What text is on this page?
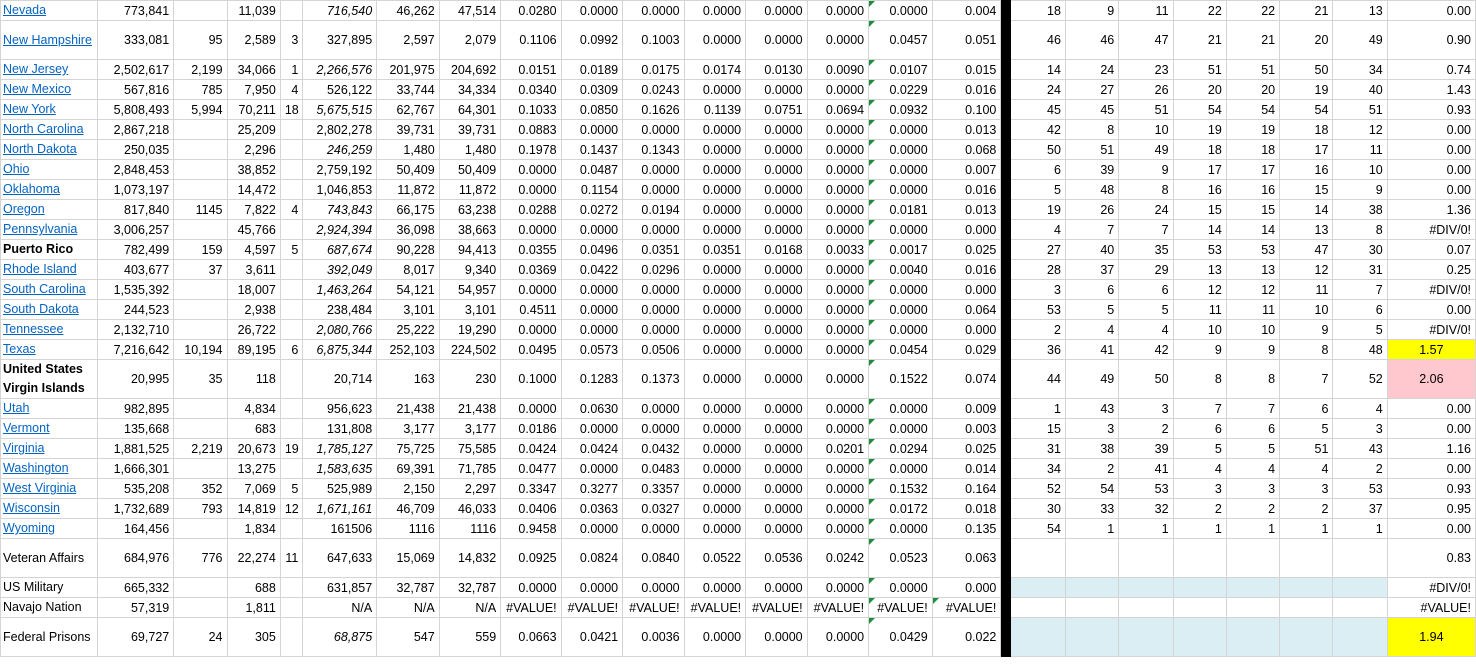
Nevada	773,841		11,039		716,540	46,262	47,514	0.0280	0.0000	0.0000	0.0000	0.0000	0.0000	0.0000	0.004		18	9	11	22	22	21	13	0.00
New Hampshire	333,081	95	2,589	3	327,895	2,597	2,079	0.1106	0.0992	0.1003	0.0000	0.0000	0.0000	0.0457	0.051		46	46	47	21	21	20	49	0.90
New Jersey	2,502,617	2,199	34,066	1	2,266,576	201,975	204,692	0.0151	0.0189	0.0175	0.0174	0.0130	0.0090	0.0107	0.015		14	24	23	51	51	50	34	0.74
New Mexico	567,816	785	7,950	4	526,122	33,744	34,334	0.0340	0.0309	0.0243	0.0000	0.0000	0.0000	0.0229	0.016		24	27	26	20	20	19	40	1.43
New York	5,808,493	5,994	70,211	18	5,675,515	62,767	64,301	0.1033	0.0850	0.1626	0.1139	0.0751	0.0694	0.0932	0.100		45	45	51	54	54	54	51	0.93
North Carolina	2,867,218		25,209		2,802,278	39,731	39,731	0.0883	0.0000	0.0000	0.0000	0.0000	0.0000	0.0000	0.013		42	8	10	19	19	18	12	0.00
North Dakota	250,035		2,296		246,259	1,480	1,480	0.1978	0.1437	0.1343	0.0000	0.0000	0.0000	0.0000	0.068		50	51	49	18	18	17	11	0.00
Ohio	2,848,453		38,852		2,759,192	50,409	50,409	0.0000	0.0487	0.0000	0.0000	0.0000	0.0000	0.0000	0.007		6	39	9	17	17	16	10	0.00
Oklahoma	1,073,197		14,472		1,046,853	11,872	11,872	0.0000	0.1154	0.0000	0.0000	0.0000	0.0000	0.0000	0.016		5	48	8	16	16	15	9	0.00
Oregon	817,840	1145	7,822	4	743,843	66,175	63,238	0.0288	0.0272	0.0194	0.0000	0.0000	0.0000	0.0181	0.013		19	26	24	15	15	14	38	1.36
Pennsylvania	3,006,257		45,766		2,924,394	36,098	38,663	0.0000	0.0000	0.0000	0.0000	0.0000	0.0000	0.0000	0.000		4	7	7	14	14	13	8	#DIV/0!
Puerto Rico	782,499	159	4,597	5	687,674	90,228	94,413	0.0355	0.0496	0.0351	0.0351	0.0168	0.0033	0.0017	0.025		27	40	35	53	53	47	30	0.07
Rhode Island	403,677	37	3,611		392,049	8,017	9,340	0.0369	0.0422	0.0296	0.0000	0.0000	0.0000	0.0040	0.016		28	37	29	13	13	12	31	0.25
South Carolina	1,535,392		18,007		1,463,264	54,121	54,957	0.0000	0.0000	0.0000	0.0000	0.0000	0.0000	0.0000	0.000		3	6	6	12	12	11	7	#DIV/0!
South Dakota	244,523		2,938		238,484	3,101	3,101	0.4511	0.0000	0.0000	0.0000	0.0000	0.0000	0.0000	0.064		53	5	5	11	11	10	6	0.00
Tennessee	2,132,710		26,722		2,080,766	25,222	19,290	0.0000	0.0000	0.0000	0.0000	0.0000	0.0000	0.0000	0.000		2	4	4	10	10	9	5	#DIV/0!
Texas	7,216,642	10,194	89,195	6	6,875,344	252,103	224,502	0.0495	0.0573	0.0506	0.0000	0.0000	0.0000	0.0454	0.029		36	41	42	9	9	8	48	1.57
United States Virgin Islands	20,995	35	118		20,714	163	230	0.1000	0.1283	0.1373	0.0000	0.0000	0.0000	0.1522	0.074		44	49	50	8	8	7	52	2.06
Utah	982,895		4,834		956,623	21,438	21,438	0.0000	0.0630	0.0000	0.0000	0.0000	0.0000	0.0000	0.009		1	43	3	7	7	6	4	0.00
Vermont	135,668		683		131,808	3,177	3,177	0.0186	0.0000	0.0000	0.0000	0.0000	0.0000	0.0000	0.003		15	3	2	6	6	5	3	0.00
Virginia	1,881,525	2,219	20,673	19	1,785,127	75,725	75,585	0.0424	0.0424	0.0432	0.0000	0.0000	0.0201	0.0294	0.025		31	38	39	5	5	51	43	1.16
Washington	1,666,301		13,275		1,583,635	69,391	71,785	0.0477	0.0000	0.0483	0.0000	0.0000	0.0000	0.0000	0.014		34	2	41	4	4	4	2	0.00
West Virginia	535,208	352	7,069	5	525,989	2,150	2,297	0.3347	0.3277	0.3357	0.0000	0.0000	0.0000	0.1532	0.164		52	54	53	3	3	3	53	0.93
Wisconsin	1,732,689	793	14,819	12	1,671,161	46,709	46,033	0.0406	0.0363	0.0327	0.0000	0.0000	0.0000	0.0172	0.018		30	33	32	2	2	2	37	0.95
Wyoming	164,456		1,834		161506	1116	1116	0.9458	0.0000	0.0000	0.0000	0.0000	0.0000	0.0000	0.135		54	1	1	1	1	1	1	0.00
Veteran Affairs	684,976	776	22,274	11	647,633	15,069	14,832	0.0925	0.0824	0.0840	0.0522	0.0536	0.0242	0.0523	0.063									0.83
US Military	665,332		688		631,857	32,787	32,787	0.0000	0.0000	0.0000	0.0000	0.0000	0.0000	0.0000	0.000									#DIV/0!
Navajo Nation	57,319		1,811		N/A	N/A	N/A	#VALUE!	#VALUE!	#VALUE!	#VALUE!	#VALUE!	#VALUE!	#VALUE!	#VALUE!									#VALUE!
Federal Prisons	69,727	24	305		68,875	547	559	0.0663	0.0421	0.0036	0.0000	0.0000	0.0000	0.0429	0.022									1.94
